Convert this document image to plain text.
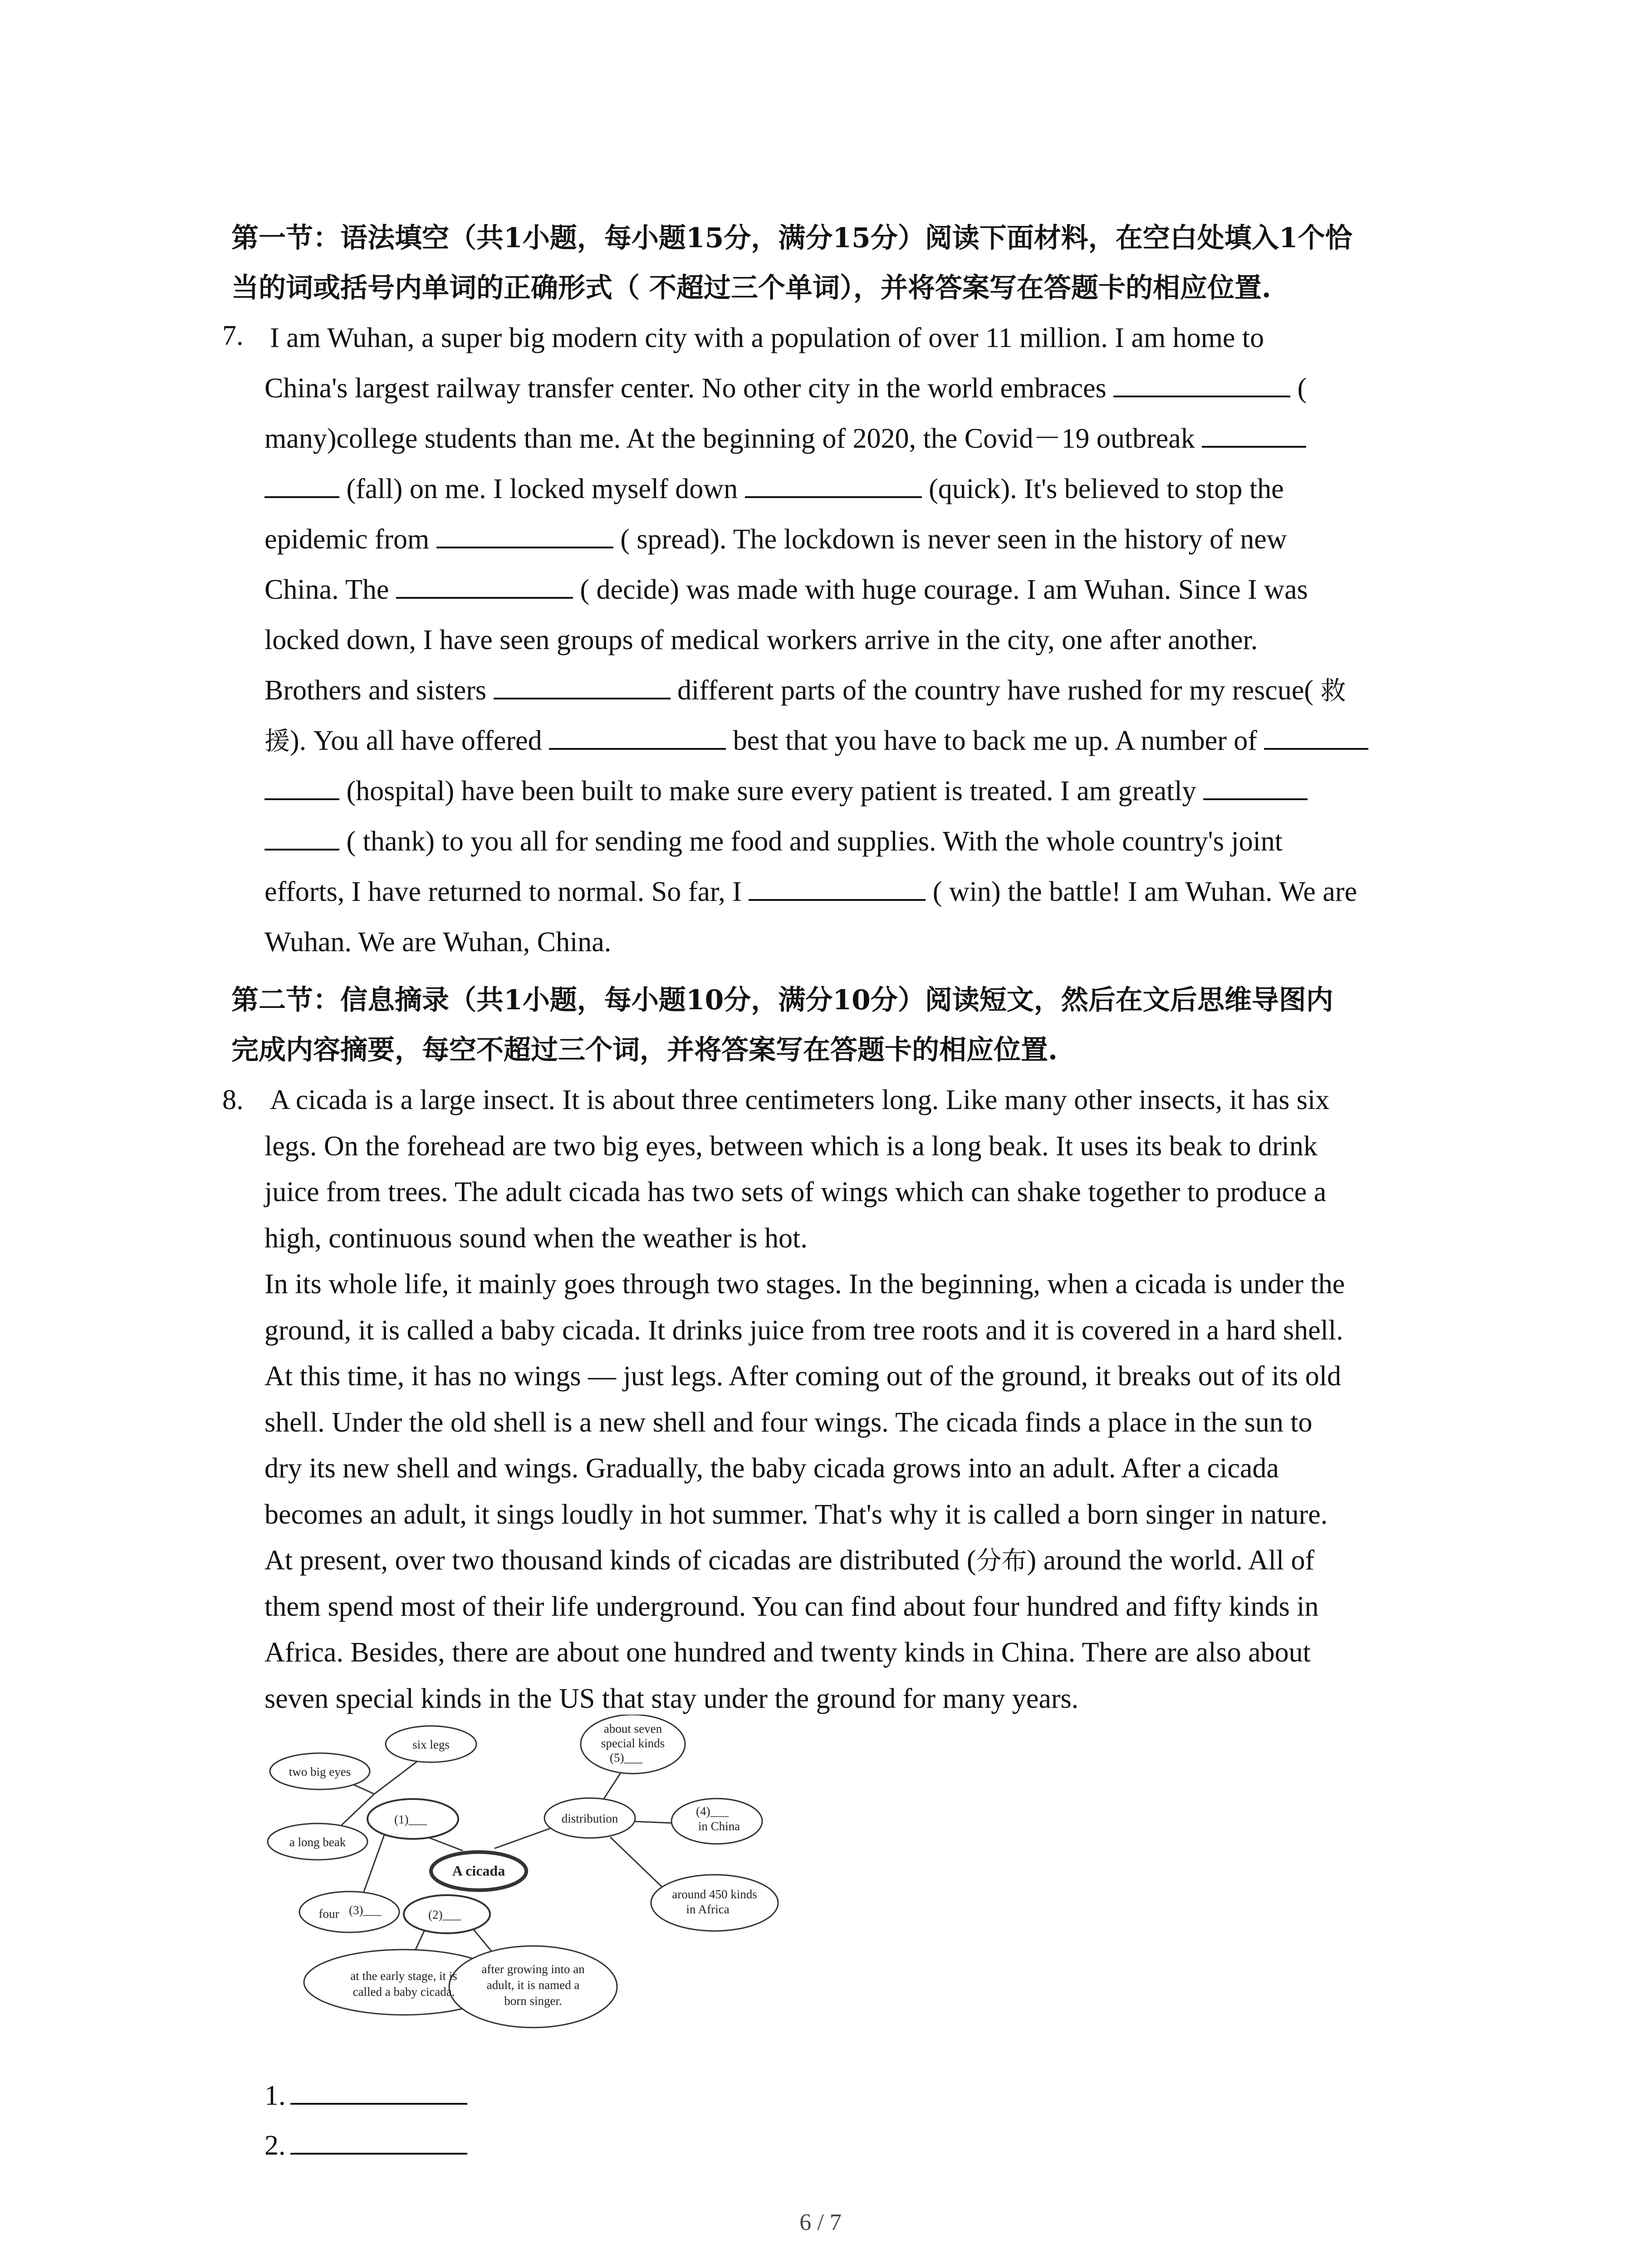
第一节：语法填空（共1小题，每小题15分，满分15分）阅读下面材料，在空白处填入1个恰
当的词或括号内单词的正确形式（ 不超过三个单词），并将答案写在答题卡的相应位置.
7. I am Wuhan, a super big modern city with a population of over 11 million. I am home to
China's largest railway transfer center. No other city in the world embraces	(
many)college students than me. At the beginning of 2020, the Covid－19 outbreak
(fall) on me. I locked myself down	(quick). It's believed to stop the
epidemic from	( spread). The lockdown is never seen in the history of new
China. The	( decide) was made with huge courage. I am Wuhan. Since I was
locked down, I have seen groups of medical workers arrive in the city, one after another.
Brothers and sisters	different parts of the country have rushed for my rescue( 救
援). You all have offered	best that you have to back me up. A number of
(hospital) have been built to make sure every patient is treated. I am greatly
( thank) to you all for sending me food and supplies. With the whole country's joint
efforts, I have returned to normal. So far, I	( win) the battle! I am Wuhan. We are
Wuhan. We are Wuhan, China.
第二节：信息摘录（共1小题，每小题10分，满分10分）阅读短文，然后在文后思维导图内
完成内容摘要，每空不超过三个词，并将答案写在答题卡的相应位置.
8. A cicada is a large insect. It is about three centimeters long. Like many other insects, it has six
legs. On the forehead are two big eyes, between which is a long beak. It uses its beak to drink
juice from trees. The adult cicada has two sets of wings which can shake together to produce a
high, continuous sound when the weather is hot.
In its whole life, it mainly goes through two stages. In the beginning, when a cicada is under the
ground, it is called a baby cicada. It drinks juice from tree roots and it is covered in a hard shell.
At this time, it has no wings — just legs. After coming out of the ground, it breaks out of its old
shell. Under the old shell is a new shell and four wings. The cicada finds a place in the sun to
dry its new shell and wings. Gradually, the baby cicada grows into an adult. After a cicada
becomes an adult, it sings loudly in hot summer. That's why it is called a born singer in nature.
At present, over two thousand kinds of cicadas are distributed (分布) around the world. All of
them spend most of their life underground. You can find about four hundred and fifty kinds in
Africa. Besides, there are about one hundred and twenty kinds in China. There are also about
seven special kinds in the US that stay under the ground for many years.
A cicada
(1)___
(2)___
distribution
six legs
two big eyes
a long beak
four (3)___
at the early stage, it is
called a baby cicada.
after growing into an
adult, it is named a
born singer.
about seven
special kinds
(5)___
(4)___
in China
around 450 kinds
in Africa
1.
2.
6 / 7
